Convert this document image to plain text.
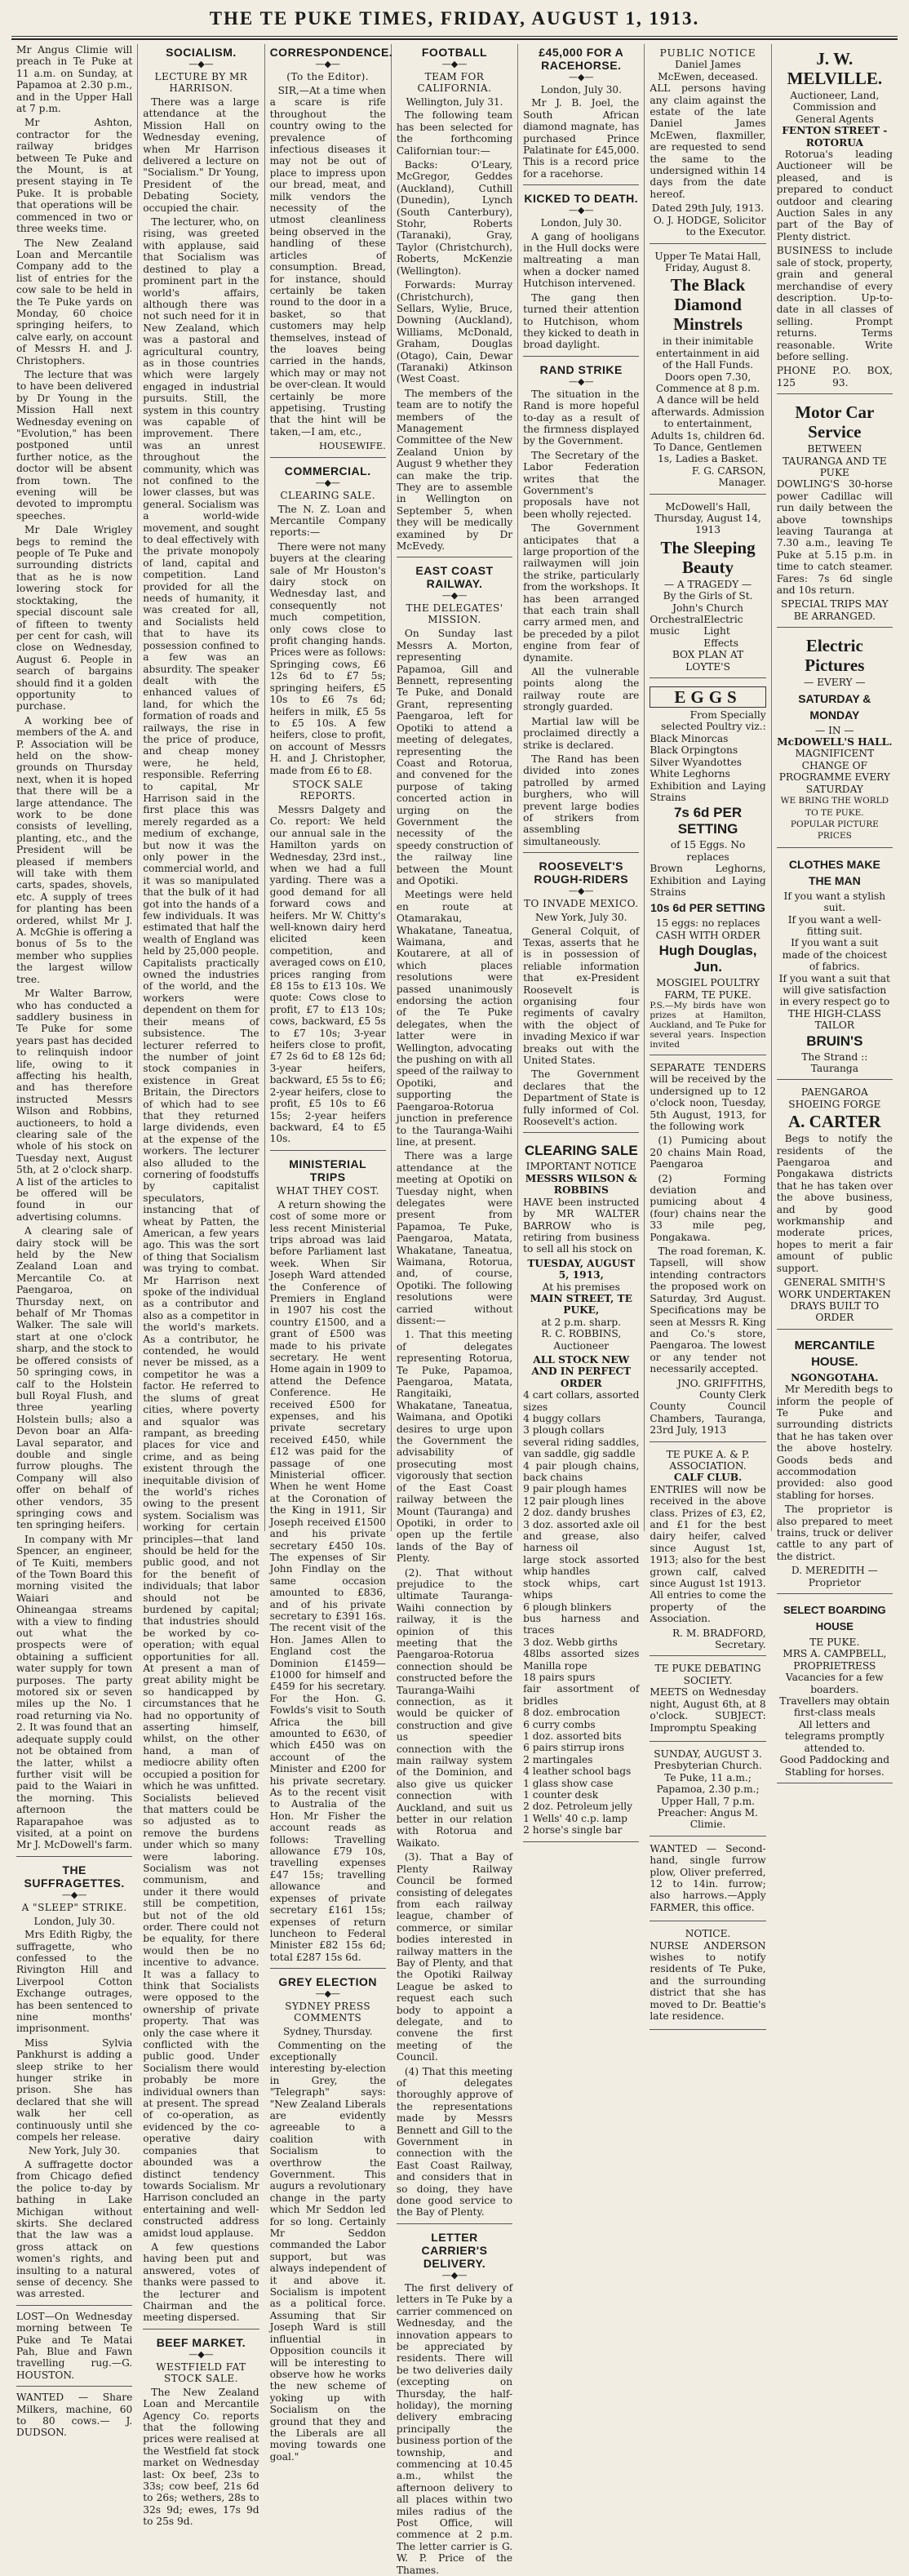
THE TE PUKE TIMES, FRIDAY, AUGUST 1, 1913.

Mr Angus Climie will preach in Te Puke at 11 a.m. on Sunday, at Papamoa at 2.30 p.m., and in the Upper Hall at 7 p.m.

Mr Ashton, contractor for the railway bridges between Te Puke and the Mount, is at present staying in Te Puke. It is probable that operations will be commenced in two or three weeks time.

The New Zealand Loan and Mercantile Company add to the list of entries for the cow sale to be held in the Te Puke yards on Monday, 60 choice springing heifers, to calve early, on account of Messrs H. and J. Christophers.

The lecture that was to have been delivered by Dr Young in the Mission Hall next Wednesday evening on "Evolution," has been postponed until further notice, as the doctor will be absent from town. The evening will be devoted to impromptu speeches.

Mr Dale Wrigley begs to remind the people of Te Puke and surrounding districts that as he is now lowering stock for stocktaking, the special discount sale of fifteen to twenty per cent for cash, will close on Wednesday, August 6. People in search of bargains should find it a golden opportunity to purchase.

A working bee of members of the A. and P. Association will be held on the show-grounds on Thursday next, when it is hoped that there will be a large attendance. The work to be done consists of levelling, planting, etc., and the President will be pleased if members will take with them carts, spades, shovels, etc. A supply of trees for planting has been ordered, whilst Mr J. A. McGhie is offering a bonus of 5s to the member who supplies the largest willow tree.

Mr Walter Barrow, who has conducted a saddlery business in Te Puke for some years past has decided to relinquish indoor life, owing to it affecting his health, and has therefore instructed Messrs Wilson and Robbins, auctioneers, to hold a clearing sale of the whole of his stock on Tuesday next, August 5th, at 2 o'clock sharp. A list of the articles to be offered will be found in our advertising columns.

A clearing sale of dairy stock will be held by the New Zealand Loan and Mercantile Co. at Paengaroa, on Thursday next, on behalf of Mr Thomas Walker. The sale will start at one o'clock sharp, and the stock to be offered consists of 50 springing cows, in calf to the Holstein bull Royal Flush, and three yearling Holstein bulls; also a Devon boar an Alfa-Laval separator, and double and single furrow ploughs. The Company will also offer on behalf of other vendors, 35 springing cows and ten springing heifers.

In company with Mr Spencer, an engineer, of Te Kuiti, members of the Town Board this morning visited the Waiari and Ohineangaa streams with a view to finding out what the prospects were of obtaining a sufficient water supply for town purposes. The party motored six or seven miles up the No. 1 road returning via No. 2. It was found that an adequate supply could not be obtained from the latter, whilst a further visit will be paid to the Waiari in the morning. This afternoon the Raparapahoe was visited, at a point on Mr J. McDowell's farm.

THE SUFFRAGETTES.
—◆—
A "SLEEP" STRIKE.
London, July 30.

Mrs Edith Rigby, the suffragette, who confessed to the Rivington Hill and Liverpool Cotton Exchange outrages, has been sentenced to nine months' imprisonment.

Miss Sylvia Pankhurst is adding a sleep strike to her hunger strike in prison. She has declared that she will walk her cell continuously until she compels her release.

New York, July 30.

A suffragette doctor from Chicago defied the police to-day by bathing in Lake Michigan without skirts. She declared that the law was a gross attack on women's rights, and insulting to a natural sense of decency. She was arrested.

LOST—On Wednesday morning between Te Puke and Te Matai Pah, Blue and Fawn travelling rug.—G. HOUSTON.

WANTED — Share Milkers, machine, 60 to 80 cows.— J. DUDSON.

SOCIALISM.
—◆—
LECTURE BY MR HARRISON.

There was a large attendance at the Mission Hall on Wednesday evening, when Mr Harrison delivered a lecture on "Socialism." Dr Young, President of the Debating Society, occupied the chair.

The lecturer, who, on rising, was greeted with applause, said that Socialism was destined to play a prominent part in the world's affairs, although there was not such need for it in New Zealand, which was a pastoral and agricultural country, as in those countries which were largely engaged in industrial pursuits. Still, the system in this country was capable of improvement. There was an unrest throughout the community, which was not confined to the lower classes, but was general. Socialism was a world-wide movement, and sought to deal effectively with the private monopoly of land, capital and competition. Land provided for all the needs of humanity, it was created for all, and Socialists held that to have its possession confined to a few was an absurdity. The speaker dealt with the enhanced values of land, for which the formation of roads and railways, the rise in the price of produce, and cheap money were, he held, responsible. Referring to capital, Mr Harrison said in the first place this was merely regarded as a medium of exchange, but now it was the only power in the commercial world, and it was so manipulated that the bulk of it had got into the hands of a few individuals. It was estimated that half the wealth of England was held by 25,000 people. Capitalists practically owned the industries of the world, and the workers were dependent on them for their means of subsistence. The lecturer referred to the number of joint stock companies in existence in Great Britain, the Directors of which had to see that they returned large dividends, even at the expense of the workers. The lecturer also alluded to the cornering of foodstuffs by capitalist speculators, instancing that of wheat by Patten, the American, a few years ago. This was the sort of thing that Socialism was trying to combat. Mr Harrison next spoke of the individual as a contributor and also as a competitor in the world's markets. As a contributor, he contended, he would never be missed, as a competitor he was a factor. He referred to the slums of great cities, where poverty and squalor was rampant, as breeding places for vice and crime, and as being existent through the inequitable division of the world's riches owing to the present system. Socialism was working for certain principles—that land should be held for the public good, and not for the benefit of individuals; that labor should not be burdened by capital; that industries should be worked by co-operation; with equal opportunities for all. At present a man of great ability might be so handicapped by circumstances that he had no opportunity of asserting himself, whilst, on the other hand, a man of mediocre ability often occupied a position for which he was unfitted. Socialists believed that matters could be so adjusted as to remove the burdens under which so many were laboring. Socialism was not communism, and under it there would still be competition, but not of the old order. There could not be equality, for there would then be no incentive to advance. It was a fallacy to think that Socialists were opposed to the ownership of private property. That was only the case where it conflicted with the public good. Under Socialism there would probably be more individual owners than at present. The spread of co-operation, as evidenced by the co-operative dairy companies that abounded was a distinct tendency towards Socialism. Mr Harrison concluded an entertaining and well-constructed address amidst loud applause.

A few questions having been put and answered, votes of thanks were passed to the lecturer and Chairman and the meeting dispersed.

BEEF MARKET.
—◆—
WESTFIELD FAT STOCK SALE.

The New Zealand Loan and Mercantile Agency Co. reports that the following prices were realised at the Westfield fat stock market on Wednesday last: Ox beef, 23s to 33s; cow beef, 21s 6d to 26s; wethers, 28s to 32s 9d; ewes, 17s 9d to 25s 9d.

CORRESPONDENCE.
—◆—
(To the Editor).

SIR,—At a time when a scare is rife throughout the country owing to the prevalence of infectious diseases it may not be out of place to impress upon our bread, meat, and milk vendors the necessity of the utmost cleanliness being observed in the handling of these articles of consumption. Bread, for instance, should certainly be taken round to the door in a basket, so that customers may help themselves, instead of the loaves being carried in the hands, which may or may not be over-clean. It would certainly be more appetising. Trusting that the hint will be taken,—I am, etc.,

HOUSEWIFE.
COMMERCIAL.
—◆—
CLEARING SALE.

The N. Z. Loan and Mercantile Company reports:—

There were not many buyers at the clearing sale of Mr Houston's dairy stock on Wednesday last, and consequently not much competition, only cows close to profit changing hands. Prices were as follows: Springing cows, £6 12s 6d to £7 5s; springing heifers, £5 10s to £6 7s 6d; heifers in milk, £5 5s to £5 10s. A few heifers, close to profit, on account of Messrs H. and J. Christopher, made from £6 to £8.

STOCK SALE REPORTS.

Messrs Dalgety and Co. report: We held our annual sale in the Hamilton yards on Wednesday, 23rd inst., when we had a full yarding. There was a good demand for all forward cows and heifers. Mr W. Chitty's well-known dairy herd elicited keen competition, and averaged cows on £10, prices ranging from £8 15s to £13 10s. We quote: Cows close to profit, £7 to £13 10s; cows, backward, £5 5s to £7 10s; 3-year heifers close to profit, £7 2s 6d to £8 12s 6d; 3-year heifers, backward, £5 5s to £6; 2-year heifers, close to profit, £5 10s to £6 15s; 2-year heifers backward, £4 to £5 10s.

MINISTERIAL TRIPS
WHAT THEY COST.

A return showing the cost of some more or less recent Ministerial trips abroad was laid before Parliament last week. When Sir Joseph Ward attended the Conference of Premiers in England in 1907 his cost the country £1500, and a grant of £500 was made to his private secretary. He went Home again in 1909 to attend the Defence Conference. He received £500 for expenses, and his private secretary received £450, while £12 was paid for the passage of one Ministerial officer. When he went Home at the Coronation of the King in 1911, Sir Joseph received £1500 and his private secretary £450 10s. The expenses of Sir John Findlay on the same occasion amounted to £836, and of his private secretary to £391 16s. The recent visit of the Hon. James Allen to England cost the Dominion £1459—£1000 for himself and £459 for his secretary. For the Hon. G. Fowlds's visit to South Africa the bill amounted to £630, of which £450 was on account of the Minister and £200 for his private secretary. As to the recent visit to Australia of the Hon. Mr Fisher the account reads as follows: Travelling allowance £79 10s, travelling expenses £47 15s; travelling allowance and expenses of private secretary £161 15s; expenses of return luncheon to Federal Minister £82 15s 6d; total £287 15s 6d.

GREY ELECTION
—◆—
SYDNEY PRESS COMMENTS
Sydney, Thursday.

Commenting on the exceptionally interesting by-election in Grey, the "Telegraph" says: "New Zealand Liberals are evidently agreeable to a coalition with Socialism to overthrow the Government. This augurs a revolutionary change in the party which Mr Seddon led for so long. Certainly Mr Seddon commanded the Labor support, but was always independent of it and above it. Socialism is impotent as a political force. Assuming that Sir Joseph Ward is still influential in Opposition councils it will be interesting to observe how he works the new scheme of yoking up with Socialism on the ground that they and the Liberals are all moving towards one goal."

FOOTBALL
—◆—
TEAM FOR CALIFORNIA.
Wellington, July 31.

The following team has been selected for the forthcoming Californian tour:—

Backs: O'Leary, McGregor, Geddes (Auckland), Cuthill (Dunedin), Lynch (South Canterbury), Stohr, Roberts (Taranaki), Gray, Taylor (Christchurch), Roberts, McKenzie (Wellington).

Forwards: Murray (Christchurch), Sellars, Wylie, Bruce, Downing (Auckland), Williams, McDonald, Graham, Douglas (Otago), Cain, Dewar (Taranaki) Atkinson (West Coast.

The members of the team are to notify the members of the Management Committee of the New Zealand Union by August 9 whether they can make the trip. They are to assemble in Wellington on September 5, when they will be medically examined by Dr McEvedy.

EAST COAST RAILWAY.
—◆—
THE DELEGATES' MISSION.

On Sunday last Messrs A. Morton, representing Papamoa, Gill and Bennett, representing Te Puke, and Donald Grant, representing Paengaroa, left for Opotiki to attend a meeting of delegates, representing the Coast and Rotorua, and convened for the purpose of taking concerted action in urging on the Government the necessity of the speedy construction of the railway line between the Mount and Opotiki.

Meetings were held en route at Otamarakau, Whakatane, Taneatua, Waimana, and Koutarere, at all of which places resolutions were passed unanimously endorsing the action of the Te Puke delegates, when the latter were in Wellington, advocating the pushing on with all speed of the railway to Opotiki, and supporting the Paengaroa-Rotorua junction in preference to the Tauranga-Waihi line, at present.

There was a large attendance at the meeting at Opotiki on Tuesday night, when delegates were present from Papamoa, Te Puke, Paengaroa, Matata, Whakatane, Taneatua, Waimana, Rotorua, and, of course, Opotiki. The following resolutions were carried without dissent:—

1. That this meeting of delegates representing Rotorua, Te Puke, Papamoa, Paengaroa, Matata, Rangitaiki, Whakatane, Taneatua, Waimana, and Opotiki desires to urge upon the Government the advisability of prosecuting most vigorously that section of the East Coast railway between the Mount (Tauranga) and Opotiki, in order to open up the fertile lands of the Bay of Plenty.

(2). That without prejudice to the ultimate Tauranga-Waihi connection by railway, it is the opinion of this meeting that the Paengaroa-Rotorua connection should be constructed before the Tauranga-Waihi connection, as it would be quicker of construction and give us speedier connection with the main railway system of the Dominion, and also give us quicker connection with Auckland, and suit us better in our relation with Rotorua and Waikato.

(3). That a Bay of Plenty Railway Council be formed consisting of delegates from each railway league, chamber of commerce, or similar bodies interested in railway matters in the Bay of Plenty, and that the Opotiki Railway League be asked to request each such body to appoint a delegate, and to convene the first meeting of the Council.

(4) That this meeting of delegates thoroughly approve of the representations made by Messrs Bennett and Gill to the Government in connection with the East Coast Railway, and considers that in so doing, they have done good service to the Bay of Plenty.

LETTER CARRIER'S DELIVERY.
—◆—

The first delivery of letters in Te Puke by a carrier commenced on Wednesday, and the innovation appears to be appreciated by residents. There will be two deliveries daily (excepting on Thursday, the half-holiday), the morning delivery embracing principally the business portion of the township, and commencing at 10.45 a.m., whilst the afternoon delivery to all places within two miles radius of the Post Office, will commence at 2 p.m. The letter carrier is G. W. P. Price of the Thames.

£45,000 FOR A RACEHORSE.
—◆—
London, July 30.

Mr J. B. Joel, the South African diamond magnate, has purchased Prince Palatinate for £45,000. This is a record price for a racehorse.

KICKED TO DEATH.
—◆—
London, July 30.

A gang of hooligans in the Hull docks were maltreating a man when a docker named Hutchison intervened.

The gang then turned their attention to Hutchison, whom they kicked to death in broad daylight.

RAND STRIKE
—◆—

The situation in the Rand is more hopeful to-day as a result of the firmness displayed by the Government.

The Secretary of the Labor Federation writes that the Government's proposals have not been wholly rejected.

The Government anticipates that a large proportion of the railwaymen will join the strike, particularly from the workshops. It has been arranged that each train shall carry armed men, and be preceded by a pilot engine from fear of dynamite.

All the vulnerable points along the railway route are strongly guarded.

Martial law will be proclaimed directly a strike is declared.

The Rand has been divided into zones patrolled by armed burghers, who will prevent large bodies of strikers from assembling simultaneously.

ROOSEVELT'S ROUGH-RIDERS
—◆—
TO INVADE MEXICO.
New York, July 30.

General Colquit, of Texas, asserts that he is in possession of reliable information that ex-President Roosevelt is organising four regiments of cavalry with the object of invading Mexico if war breaks out with the United States.

The Government declares that the Department of State is fully informed of Col. Roosevelt's action.

CLEARING SALE
IMPORTANT NOTICE
MESSRS WILSON & ROBBINS

HAVE been instructed by MR WALTER BARROW who is retiring from business to sell all his stock on

TUESDAY, AUGUST 5, 1913,
At his premises
MAIN STREET, TE PUKE,
at 2 p.m. sharp.
R. C. ROBBINS, Auctioneer
ALL STOCK NEW AND IN PERFECT ORDER
4 cart collars, assorted sizes
4 buggy collars
3 plough collars
several riding saddles, van saddle, gig saddle
4 pair plough chains, back chains
9 pair plough hames
12 pair plough lines
2 doz. dandy brushes
3 doz. assorted axle oil and grease, also harness oil
large stock assorted whip handles
stock whips, cart whips
6 plough blinkers
bus harness and traces
3 doz. Webb girths
48lbs assorted sizes Manilla rope
18 pairs spurs
fair assortment of bridles
8 doz. embrocation
6 curry combs
1 doz. assorted bits
6 pairs stirrup irons
2 martingales
4 leather school bags
1 glass show case
1 counter desk
2 doz. Petroleum jelly
1 Wells' 40 c.p. lamp
2 horse's single bar
PUBLIC NOTICE
Daniel James McEwen, deceased.

ALL persons having any claim against the estate of the late Daniel James McEwen, flaxmiller, are requested to send the same to the undersigned within 14 days from the date hereof.

Dated 29th July, 1913.
O. J. HODGE, Solicitor to the Executor.
Upper Te Matai Hall, Friday, August 8.
The Black Diamond Minstrels
in their inimitable entertainment in aid of the Hall Funds. Doors open 7.30, Commence at 8 p.m.
A dance will be held afterwards. Admission to entertainment, Adults 1s, children 6d. To Dance, Gentlemen 1s, Ladies a Basket.
F. G. CARSON, Manager.
McDowell's Hall, Thursday, August 14, 1913
The Sleeping Beauty
— A TRAGEDY —
By the Girls of St. John's Church
Orchestral music
Electric Light Effects
BOX PLAN AT LOYTE'S
EGGS
From Specially selected Poultry viz.:
Black Minorcas
Black Orpingtons
Silver Wyandottes
White Leghorns
Exhibition and Laying Strains
7s 6d PER SETTING
of 15 Eggs. No replaces
Brown Leghorns, Exhibition and Laying Strains
10s 6d PER SETTING
15 eggs: no replaces CASH WITH ORDER
Hugh Douglas, Jun.
MOSGIEL POULTRY FARM, TE PUKE.
P.S.—My birds have won prizes at Hamilton, Auckland, and Te Puke for several years. Inspection invited

SEPARATE TENDERS will be received by the undersigned up to 12 o'clock noon, Tuesday, 5th August, 1913, for the following work

(1) Pumicing about 20 chains Main Road, Paengaroa

(2) Forming deviation and pumicing about 4 (four) chains near the 33 mile peg, Pongakawa.

The road foreman, K. Tapsell, will show intending contractors the proposed work on Saturday, 3rd August. Specifications may be seen at Messrs R. King and Co.'s store, Paengaroa. The lowest or any tender not necessarily accepted.

JNO. GRIFFITHS, County Clerk
County Council Chambers, Tauranga, 23rd July, 1913
TE PUKE A. & P. ASSOCIATION.
CALF CLUB.

ENTRIES will now be received in the above class. Prizes of £3, £2, and £1 for the best dairy heifer, calved since August 1st, 1913; also for the best grown calf, calved since August 1st 1913. All entries to come the property of the Association.

R. M. BRADFORD, Secretary.
TE PUKE DEBATING SOCIETY.

MEETS on Wednesday night, August 6th, at 8 o'clock. SUBJECT: Impromptu Speaking

SUNDAY, AUGUST 3.
Presbyterian Church.
Te Puke, 11 a.m.; Papamoa, 2.30 p.m.; Upper Hall, 7 p.m.
Preacher: Angus M. Climie.

WANTED — Second-hand, single furrow plow, Oliver preferred, 12 to 14in. furrow; also harrows.—Apply FARMER, this office.

NOTICE.

NURSE ANDERSON wishes to notify residents of Te Puke, and the surrounding district that she has moved to Dr. Beattie's late residence.

J. W. MELVILLE.
Auctioneer, Land, Commission and General Agents
FENTON STREET - ROTORUA

Rotorua's leading Auctioneer will be pleased, and is prepared to conduct outdoor and clearing Auction Sales in any part of the Bay of Plenty district.

BUSINESS to include sale of stock, property, grain and general merchandise of every description. Up-to-date in all classes of selling. Prompt returns. Terms reasonable. Write before selling.

PHONE 125
P.O. BOX, 93.
Motor Car Service
BETWEEN TAURANGA AND TE PUKE

DOWLING'S 30-horse power Cadillac will run daily between the above townships leaving Tauranga at 7.30 a.m., leaving Te Puke at 5.15 p.m. in time to catch steamer. Fares: 7s 6d single and 10s return.

SPECIAL TRIPS MAY BE ARRANGED.
Electric Pictures
— EVERY —
SATURDAY & MONDAY
— IN —
McDOWELL'S HALL.
MAGNIFICENT CHANGE OF PROGRAMME EVERY SATURDAY
WE BRING THE WORLD TO TE PUKE.
POPULAR PICTURE PRICES
CLOTHES MAKE THE MAN
If you want a stylish suit.
If you want a well-fitting suit.
If you want a suit made of the choicest of fabrics.
If you want a suit that will give satisfaction in every respect go to
THE HIGH-CLASS TAILOR
BRUIN'S
The Strand :: Tauranga
PAENGAROA SHOEING FORGE
A. CARTER

Begs to notify the residents of the Paengaroa and Pongakawa districts that he has taken over the above business, and by good workmanship and moderate prices, hopes to merit a fair amount of public support.

GENERAL SMITH'S WORK UNDERTAKEN
DRAYS BUILT TO ORDER
MERCANTILE HOUSE.
NGONGOTAHA.

Mr Meredith begs to inform the people of Te Puke and surrounding districts that he has taken over the above hostelry. Goods beds and accommodation provided: also good stabling for horses.

The proprietor is also prepared to meet trains, truck or deliver cattle to any part of the district.

D. MEREDITH — Proprietor
SELECT BOARDING HOUSE
TE PUKE.
MRS A. CAMPBELL, PROPRIETRESS
Vacancies for a few boarders.
Travellers may obtain first-class meals
All letters and telegrams promptly attended to.
Good Paddocking and Stabling for horses.
